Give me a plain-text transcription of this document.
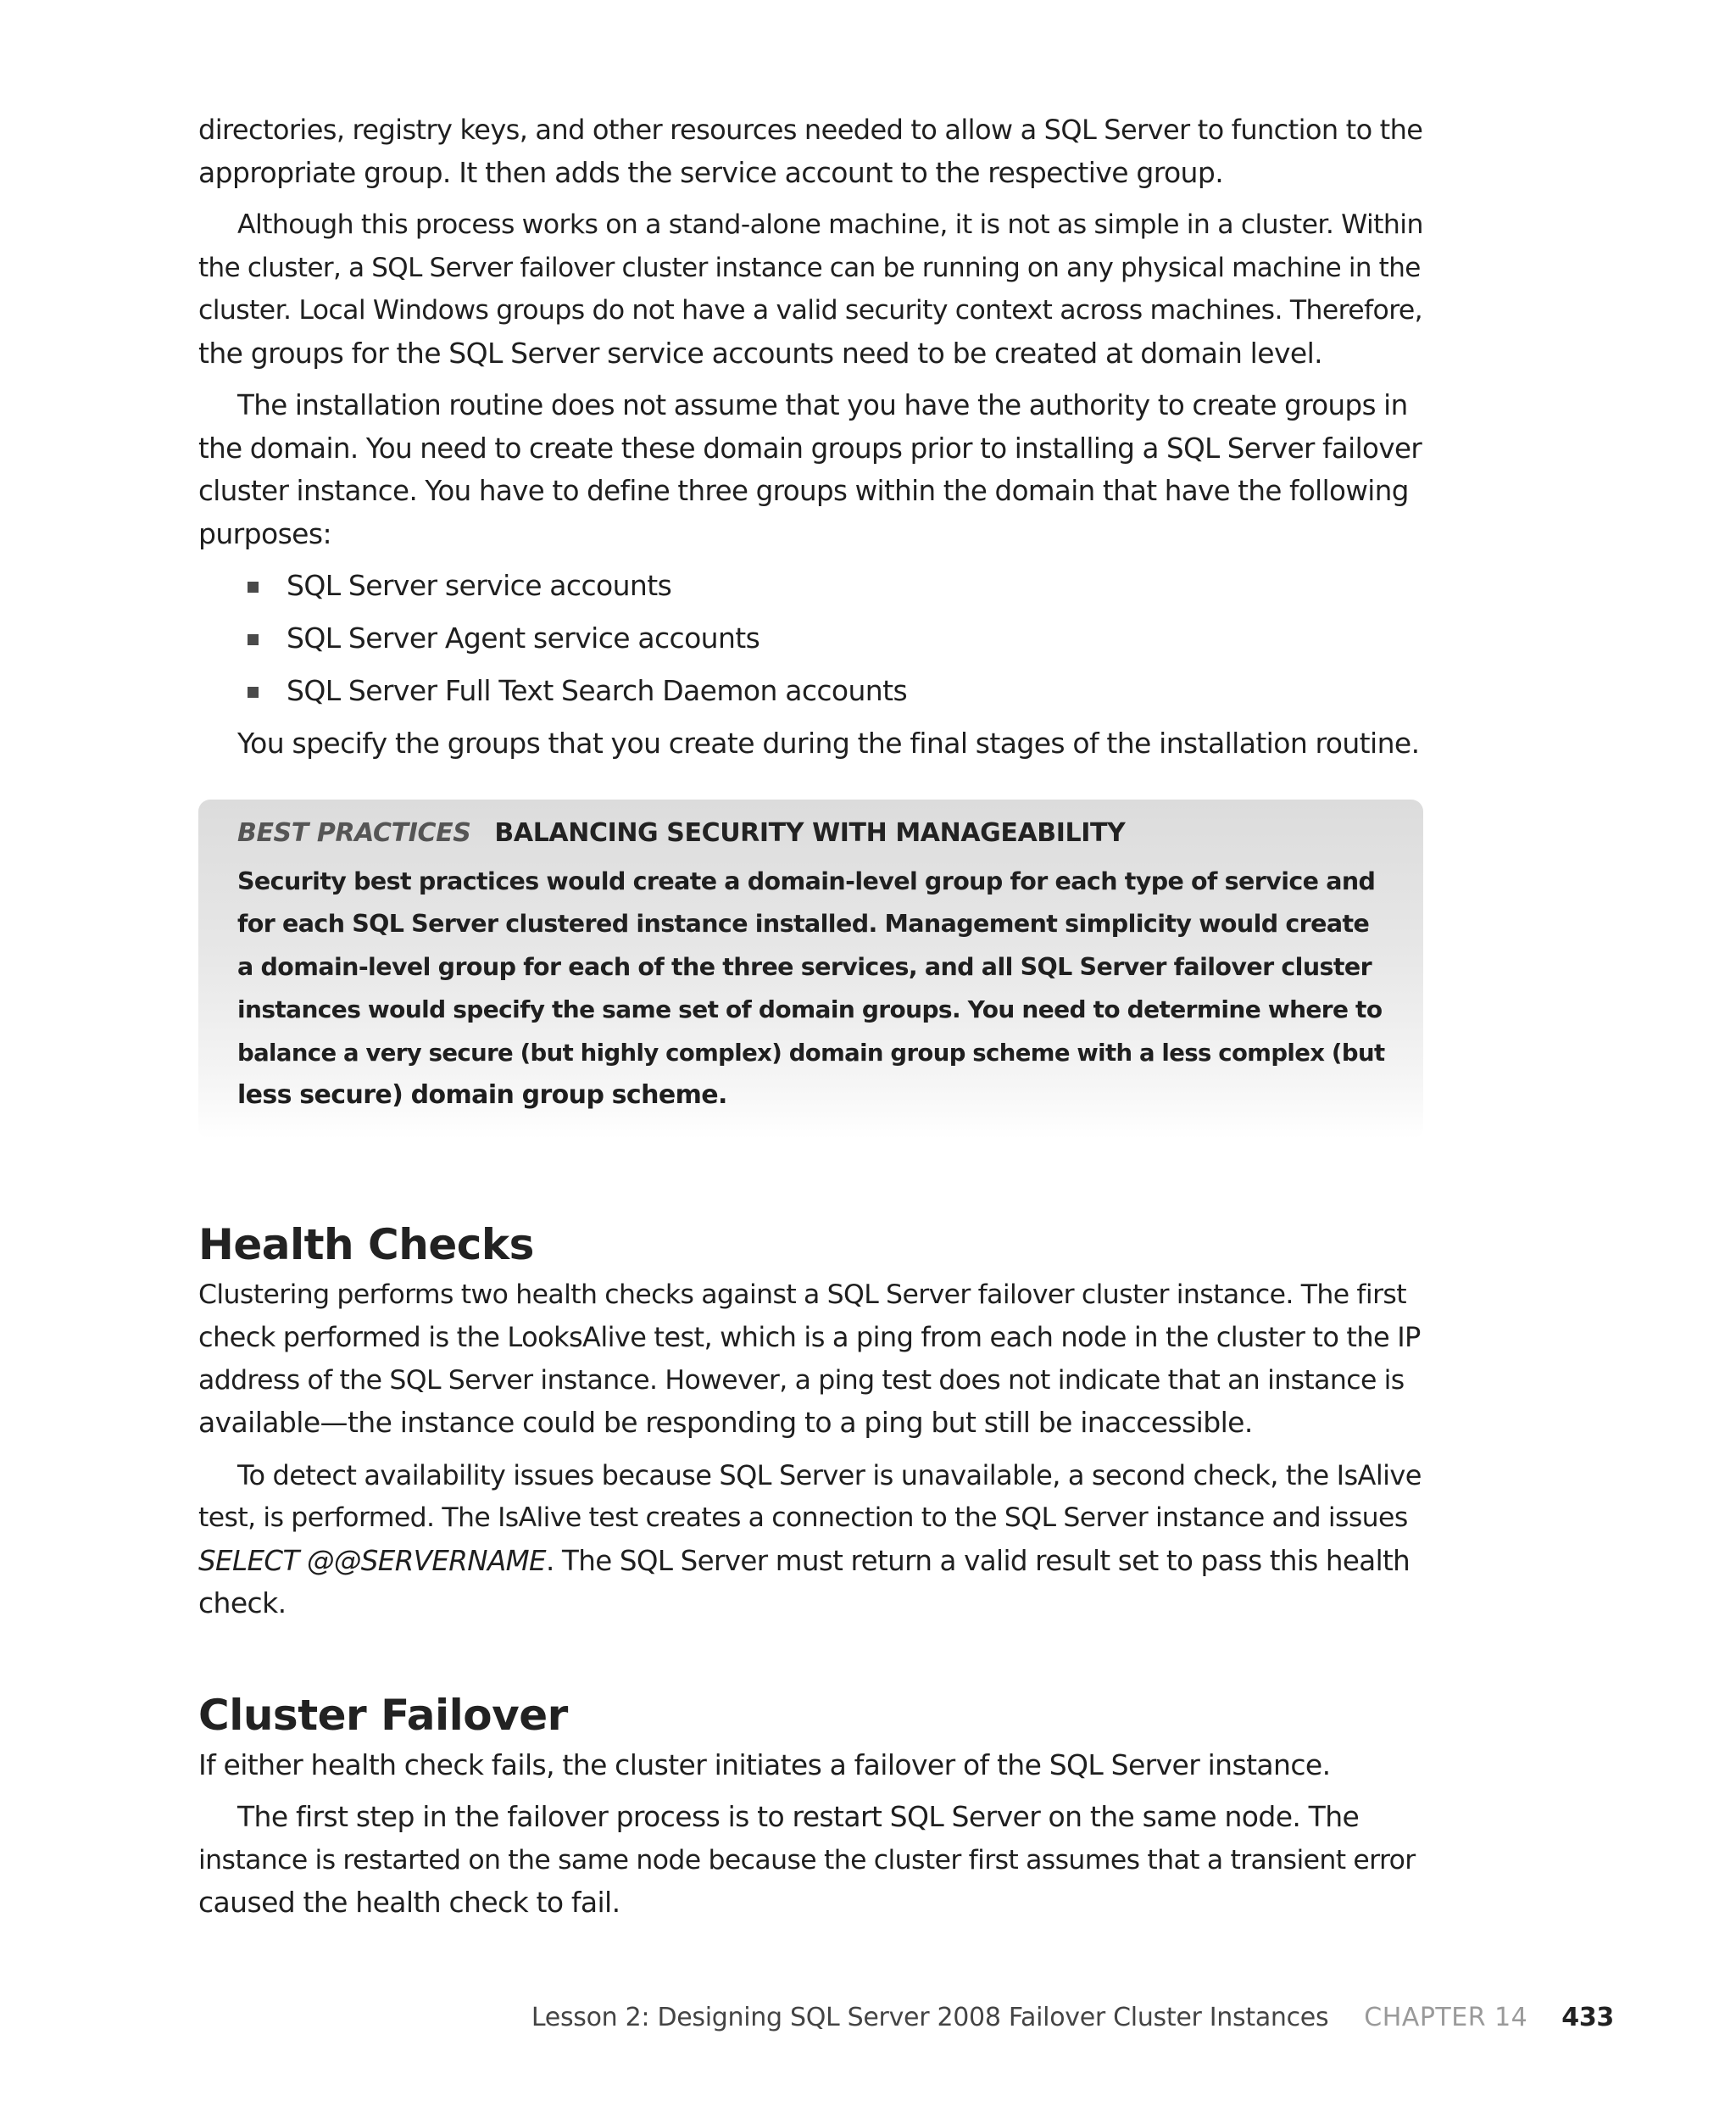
directories, registry keys, and other resources needed to allow a SQL Server to function to the
appropriate group. It then adds the service account to the respective group.

Although this process works on a stand-alone machine, it is not as simple in a cluster. Within
the cluster, a SQL Server failover cluster instance can be running on any physical machine in the
cluster. Local Windows groups do not have a valid security context across machines. Therefore,
the groups for the SQL Server service accounts need to be created at domain level.

The installation routine does not assume that you have the authority to create groups in
the domain. You need to create these domain groups prior to installing a SQL Server failover
cluster instance. You have to define three groups within the domain that have the following
purposes:

SQL Server service accounts
SQL Server Agent service accounts
SQL Server Full Text Search Daemon accounts

You specify the groups that you create during the final stages of the installation routine.

BEST PRACTICES BALANCING SECURITY WITH MANAGEABILITY
Security best practices would create a domain-level group for each type of service and
for each SQL Server clustered instance installed. Management simplicity would create
a domain-level group for each of the three services, and all SQL Server failover cluster
instances would specify the same set of domain groups. You need to determine where to
balance a very secure (but highly complex) domain group scheme with a less complex (but
less secure) domain group scheme.
Health Checks

Clustering performs two health checks against a SQL Server failover cluster instance. The first
check performed is the LooksAlive test, which is a ping from each node in the cluster to the IP
address of the SQL Server instance. However, a ping test does not indicate that an instance is
available—the instance could be responding to a ping but still be inaccessible.

To detect availability issues because SQL Server is unavailable, a second check, the IsAlive
test, is performed. The IsAlive test creates a connection to the SQL Server instance and issues
SELECT @@SERVERNAME. The SQL Server must return a valid result set to pass this health
check.

Cluster Failover

If either health check fails, the cluster initiates a failover of the SQL Server instance.

The first step in the failover process is to restart SQL Server on the same node. The
instance is restarted on the same node because the cluster first assumes that a transient error
caused the health check to fail.

Lesson 2: Designing SQL Server 2008 Failover Cluster Instances CHAPTER 14 433
